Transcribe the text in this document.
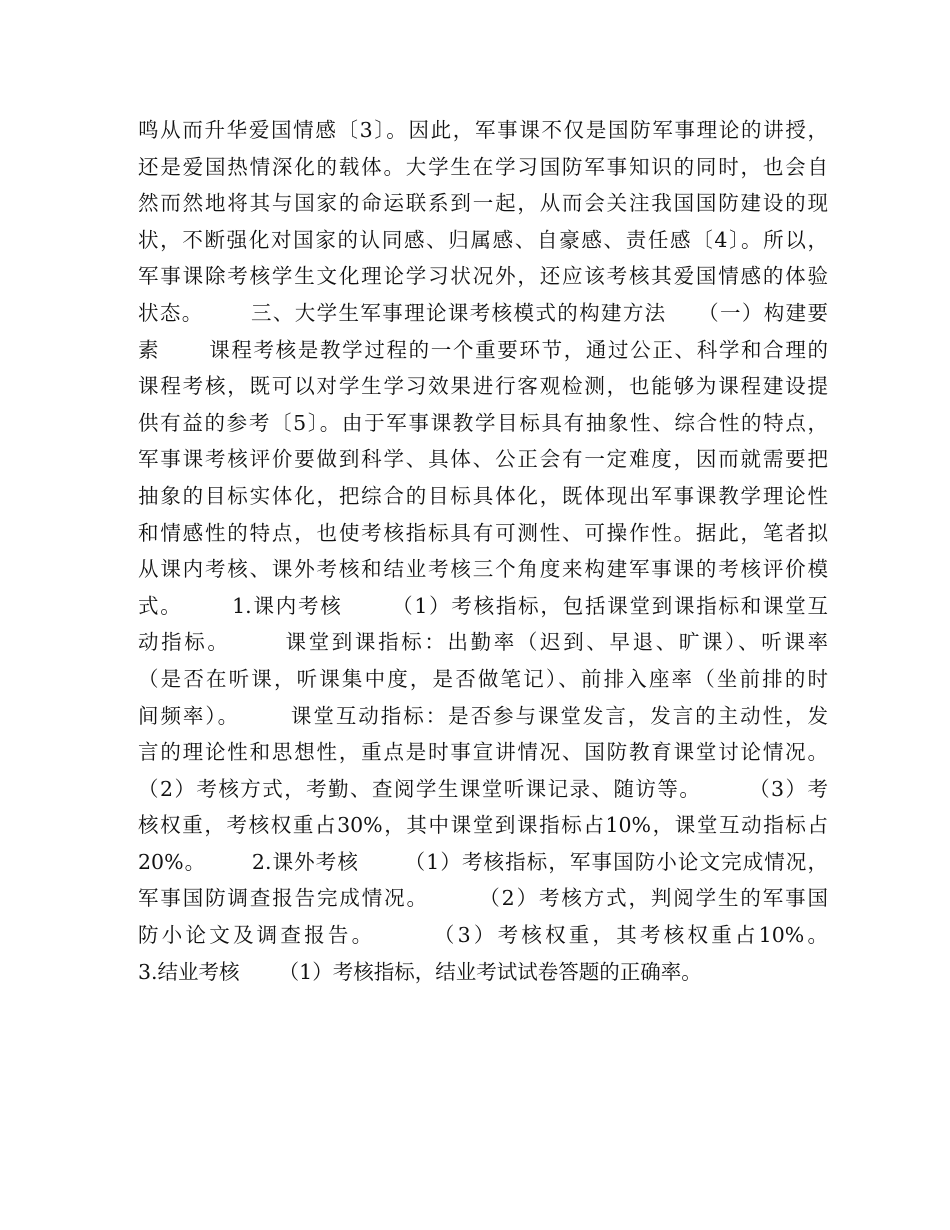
鸣从而升华爱国情感〔3〕。因此，军事课不仅是国防军事理论的讲授，
还是爱国热情深化的载体。大学生在学习国防军事知识的同时，也会自
然而然地将其与国家的命运联系到一起，从而会关注我国国防建设的现
状，不断强化对国家的认同感、归属感、自豪感、责任感〔4〕。所以，
军事课除考核学生文化理论学习状况外，还应该考核其爱国情感的体验
状态。      三、大学生军事理论课考核模式的构建方法    （一）构建要
素      课程考核是教学过程的一个重要环节，通过公正、科学和合理的
课程考核，既可以对学生学习效果进行客观检测，也能够为课程建设提
供有益的参考〔5〕。由于军事课教学目标具有抽象性、综合性的特点，
军事课考核评价要做到科学、具体、公正会有一定难度，因而就需要把
抽象的目标实体化，把综合的目标具体化，既体现出军事课教学理论性
和情感性的特点，也使考核指标具有可测性、可操作性。据此，笔者拟
从课内考核、课外考核和结业考核三个角度来构建军事课的考核评价模
式。      1.课内考核      （1）考核指标，包括课堂到课指标和课堂互
动指标。      课堂到课指标：出勤率（迟到、早退、旷课）、听课率
（是否在听课，听课集中度，是否做笔记）、前排入座率（坐前排的时
间频率）。      课堂互动指标：是否参与课堂发言，发言的主动性，发
言的理论性和思想性，重点是时事宣讲情况、国防教育课堂讨论情况。
（2）考核方式，考勤、查阅学生课堂听课记录、随访等。      （3）考
核权重，考核权重占30%，其中课堂到课指标占10%，课堂互动指标占
20%。      2.课外考核      （1）考核指标，军事国防小论文完成情况，
军事国防调查报告完成情况。      （2）考核方式，判阅学生的军事国
防小论文及调查报告。      （3）考核权重，其考核权重占10%。
3.结业考核      （1）考核指标，结业考试试卷答题的正确率。
